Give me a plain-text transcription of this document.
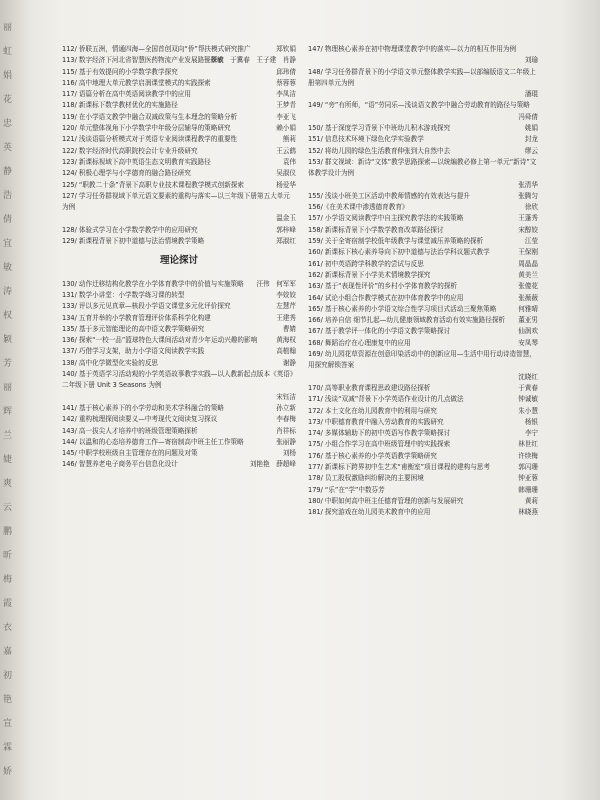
丽
虹
娟
花
忠
英
静
浩
倩
宜
敏
涛
权
颖
芳
丽
辉
兰
婕
爽
云
鹏
昕
梅
霞
衣
嘉
初
艳
宣
霖
娇
112/ 侨联五洲，情通四海—全国首创双向“侨”帮扶模式研究推广	郑钦娟
113/ 数字经济下河北省智慧医药物流产业发展路径探索
王翠敏　于冀春　王子建　肖静
115/ 基于有效提问的小学数学教学探究	邱玮倩
116/ 高中地理大单元教学启润课堂模式的实践探索	蔡蓉蓉
117/ 语篇分析在高中英语阅读教学中的应用	李凤洁
118/ 新课标下数学教材优化的实施路径	王梦青
119/ 在小学语文教学中融合双减政策与生本理念的策略分析	李亚飞
120/ 单元整体视角下小学数学中年级分层辅导的策略研究	赖小娟
121/ 浅谈语篇分析模式对于英语专业阅读课程教学的重要性	熊莉
122/ 数字经济时代高职院校会计专业升级研究	王云鹤
123/ 新课标视域下高中英语生态文明教育实践路径	袁伟
124/ 积极心理学与小学德育的融合路径研究	吴淑仪
125/ “职教二十条”背景下高职专业技术课程教学模式创新探索	杨爱华
127/ 学习任务群视域下单元语文要素的重构与落实—以三年级下册第五大单元为例
温金玉
128/ 体验式学习在小学数学教学中的应用研究	郭梓峰
129/ 新课程背景下初中道德与法治情境教学策略	郑淑红
理论探讨
130/ 动作迁移结构化教学在小学体育教学中的价值与实施策略	汪伟　何军军
131/ 数学小讲堂：小学数学练习课的转型	李姣姣
133/ 评以多元见真章—核段小学语文课堂多元化评价探究	左慧芹
134/ 五育并举的小学教育管理评价体系科学化构建	王建秀
135/ 基于多元智能理论的高中语文教学策略研究	曹婧
136/ 探索“一校一品”篮球特色大课间活动对青少年运动兴趣的影响	黄海权
137/ 巧借学习支架，助力小学语文阅读教学实践	高植翰
138/ 高中化学微型化实验的反思	谢静
140/ 基于英语学习活动观的小学英语故事教学实践—以人教新起点版本《英语》二年级下册 Unit 3 Seasons 为例
宋钰洁
141/ 基于核心素养下的小学劳动和美术学科融合的策略	孙立新
142/ 重构梳理探阅读要义—中考现代文阅读复习探议	李春梅
143/ 高一拔尖人才培养中的班级管理策略探析	肖祥标
144/ 以温和的心态培养德育工作—寄宿制高中班主任工作策略	张丽静
145/ 中职学校班级自主管理存在的问题及对策	刘杨
146/ 智慧养老电子商务平台信息化设计	刘艳艳　薛超峰
147/ 物理核心素养在初中物理课堂教学中的落实—以力的相互作用为例
刘瑜
148/ 学习任务群背景下的小学语文单元整体教学实践—以部编版语文二年级上册第四单元为例
潘琨
149/ “旁”有所师，“语”劳同乐—浅谈语文教学中融合劳动教育的路径与策略
冯舜倩
150/ 基于深度学习背景下中班幼儿积木游戏探究	姚娟
151/ 信息技术环境下绿色化学实验教学	封龙
152/ 将幼儿园的绿色生活教育伸张到大自然中去	缪云
153/ 群文视域：新诗“文体”教学思路探索—以统编教必修上第一单元“新诗”文体教学设计为例
张清华
155/ 浅谈小班美工区活动中教师情感的有效表达与提升	张腾匀
156/《在美术课中渗透德育教育》	徐欣
157/ 小学语文阅读教学中自主探究教学法的实践策略	王蓬秀
158/ 新课标背景下小学数学教育改革路径探讨	宋醇姣
159/ 关于全寄宿制学校低年级教学与课堂减压养策略的探析	江莹
160/ 新课标下核心素养导向下初中道德与法治学科议题式教学	王保刚
161/ 初中英语跨学科教学的尝试与反思	周晶晶
162/ 新课标背景下小学美术情境教学探究	黄美兰
163/ 基于“表现性评价”的乡村小学体育教学的探析	张傻花
164/ 试论小组合作教学模式在初中体育教学中的应用	张薇薇
165/ 基于核心素养的小学语文综合性学习项目式活动三聚焦策略	何雅晴
166/ 培养自信 细节扎起—幼儿健康领域教育活动有效实施路径探析	董亚男
167/ 基于教学评一体化的小学语文教学策略探讨	仙润欢
168/ 舞蹈治疗在心理康复中的应用	安凤琴
169/ 幼儿园花草资源在创意印染活动中的创新应用—生活中用行动诗造智慧，用探究解锁答案
沈晓红
170/ 高等职业教育课程思政建设路径探析	于黄春
171/ 浅谈“双减”背景下小学英语作业设计的几点做法	钟诚敏
172/ 本土文化在幼儿园教育中的利用与研究	朱小慧
173/ 中职德育教育中融入劳动教育的实践研究	杨银
174/ 多媒体辅助下的初中英语写作教学策略探讨	李宁
175/ 小组合作学习在高中班级管理中的实践探索	林世红
176/ 基于核心素养的小学英语教学策略研究	许续梅
177/ 新课标下跨界初中生艺术“甫衡室”项目课程的建构与思考	郭闪珊
178/ 员工股权激励纠纷解决的主要困境	钟亚蓉
179/ “乐”在“学”中数芬芳	韩珊珊
180/ 中职如何高中班主任德育管理的创新与发展研究	黄莉
181/ 探究游戏在幼儿园美术教育中的应用	林晓燕
